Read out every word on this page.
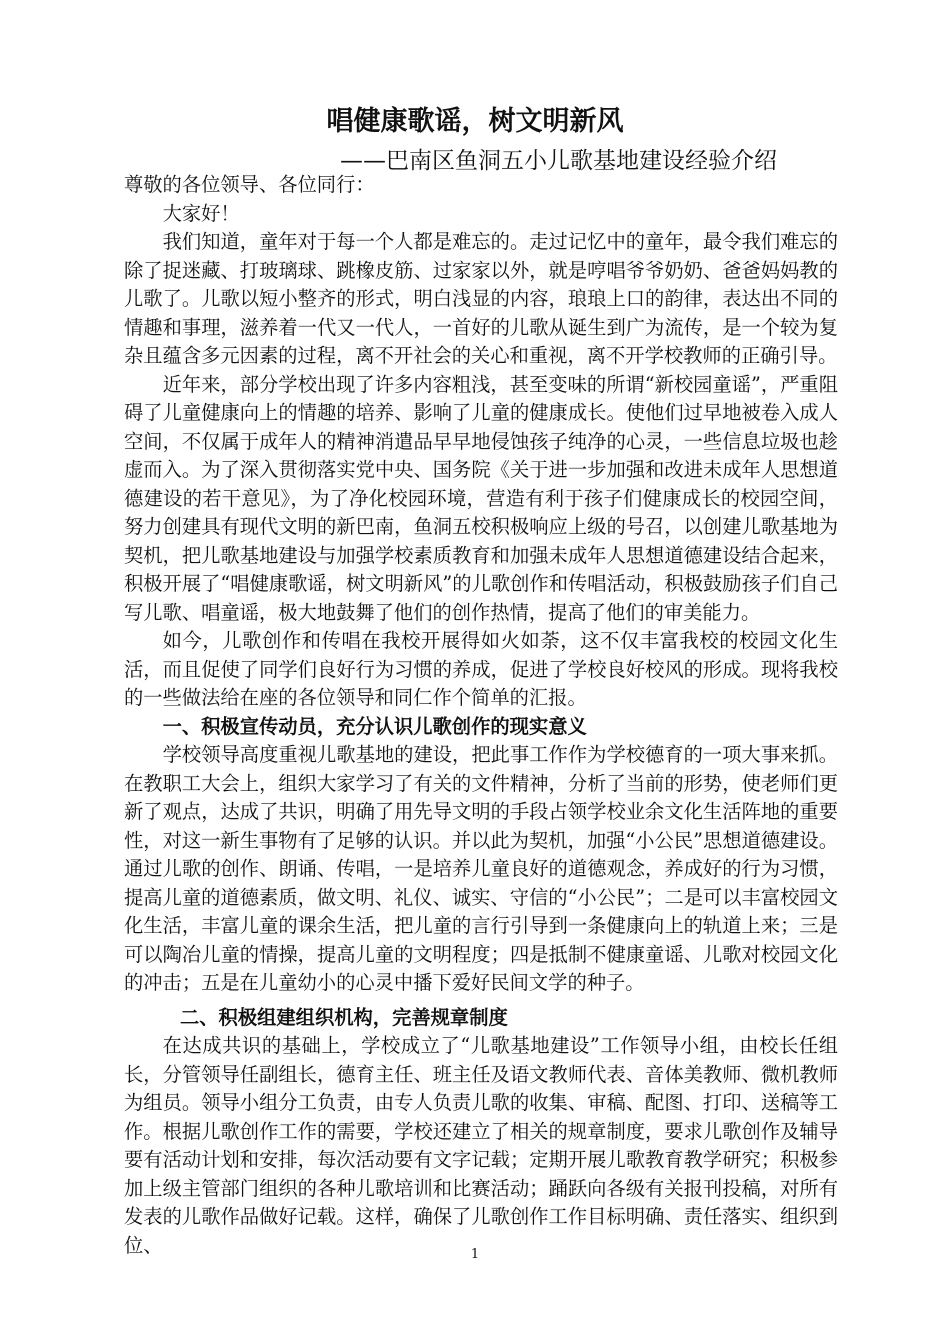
唱健康歌谣，树文明新风
——巴南区鱼洞五小儿歌基地建设经验介绍

尊敬的各位领导、各位同行：

大家好！

我们知道，童年对于每一个人都是难忘的。走过记忆中的童年，最令我们难忘的除了捉迷藏、打玻璃球、跳橡皮筋、过家家以外，就是哼唱爷爷奶奶、爸爸妈妈教的儿歌了。儿歌以短小整齐的形式，明白浅显的内容，琅琅上口的韵律，表达出不同的情趣和事理，滋养着一代又一代人，一首好的儿歌从诞生到广为流传，是一个较为复杂且蕴含多元因素的过程，离不开社会的关心和重视，离不开学校教师的正确引导。

近年来，部分学校出现了许多内容粗浅，甚至变味的所谓“新校园童谣”，严重阻碍了儿童健康向上的情趣的培养、影响了儿童的健康成长。使他们过早地被卷入成人空间，不仅属于成年人的精神消遣品早早地侵蚀孩子纯净的心灵，一些信息垃圾也趁虚而入。为了深入贯彻落实党中央、国务院《关于进一步加强和改进未成年人思想道德建设的若干意见》，为了净化校园环境，营造有利于孩子们健康成长的校园空间，努力创建具有现代文明的新巴南，鱼洞五校积极响应上级的号召，以创建儿歌基地为契机，把儿歌基地建设与加强学校素质教育和加强未成年人思想道德建设结合起来，积极开展了“唱健康歌谣，树文明新风”的儿歌创作和传唱活动，积极鼓励孩子们自己写儿歌、唱童谣，极大地鼓舞了他们的创作热情，提高了他们的审美能力。

如今，儿歌创作和传唱在我校开展得如火如荼，这不仅丰富我校的校园文化生活，而且促使了同学们良好行为习惯的养成，促进了学校良好校风的形成。现将我校的一些做法给在座的各位领导和同仁作个简单的汇报。

一、积极宣传动员，充分认识儿歌创作的现实意义

学校领导高度重视儿歌基地的建设，把此事工作作为学校德育的一项大事来抓。在教职工大会上，组织大家学习了有关的文件精神，分析了当前的形势，使老师们更新了观点，达成了共识，明确了用先导文明的手段占领学校业余文化生活阵地的重要性，对这一新生事物有了足够的认识。并以此为契机，加强“小公民”思想道德建设。通过儿歌的创作、朗诵、传唱，一是培养儿童良好的道德观念，养成好的行为习惯，提高儿童的道德素质，做文明、礼仪、诚实、守信的“小公民”；二是可以丰富校园文化生活，丰富儿童的课余生活，把儿童的言行引导到一条健康向上的轨道上来；三是可以陶冶儿童的情操，提高儿童的文明程度；四是抵制不健康童谣、儿歌对校园文化的冲击；五是在儿童幼小的心灵中播下爱好民间文学的种子。

二、积极组建组织机构，完善规章制度

在达成共识的基础上，学校成立了“儿歌基地建设”工作领导小组，由校长任组长，分管领导任副组长，德育主任、班主任及语文教师代表、音体美教师、微机教师为组员。领导小组分工负责，由专人负责儿歌的收集、审稿、配图、打印、送稿等工作。根据儿歌创作工作的需要，学校还建立了相关的规章制度，要求儿歌创作及辅导要有活动计划和安排，每次活动要有文字记载；定期开展儿歌教育教学研究；积极参加上级主管部门组织的各种儿歌培训和比赛活动；踊跃向各级有关报刊投稿，对所有发表的儿歌作品做好记载。这样，确保了儿歌创作工作目标明确、责任落实、组织到位、	1
